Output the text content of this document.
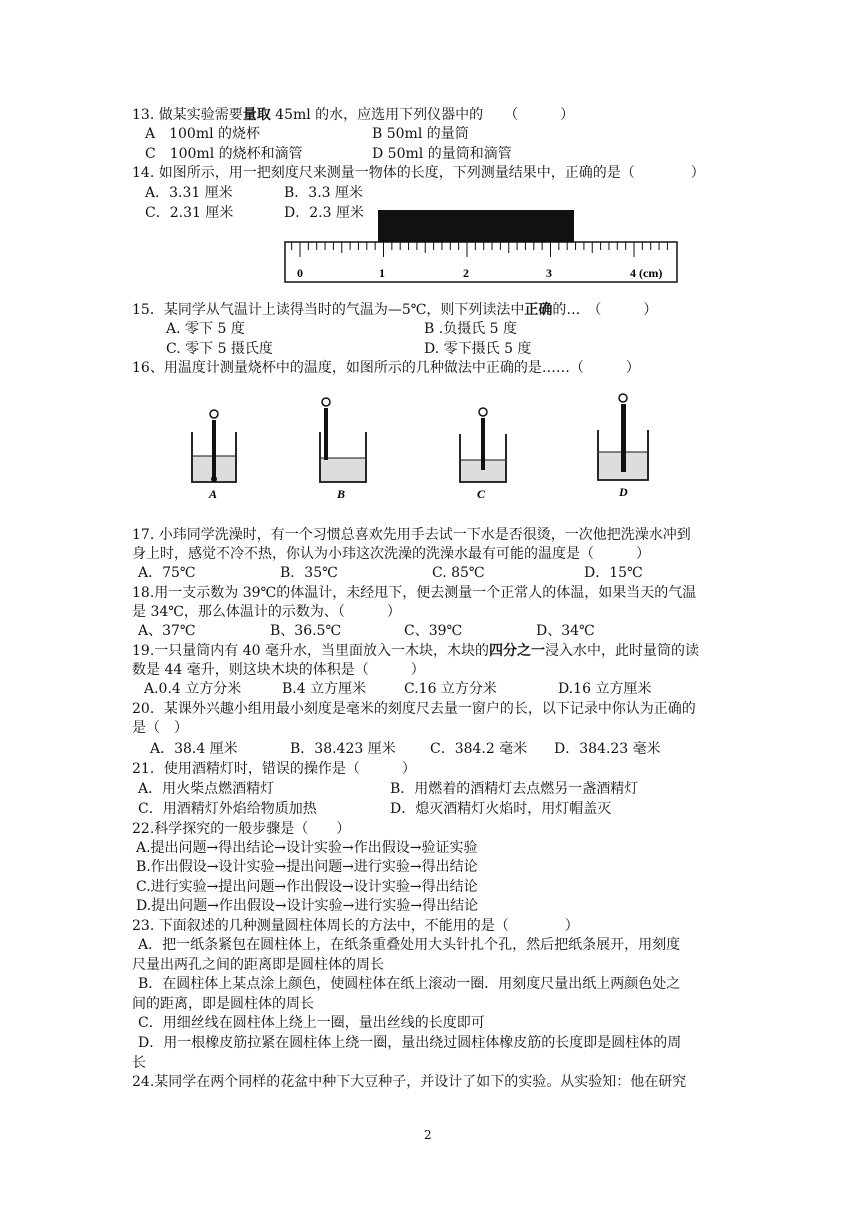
13. 做某实验需要量取 45ml 的水，应选用下列仪器中的　　（　　　）
A　100ml 的烧杯	B 50ml 的量筒
C　100ml 的烧杯和滴管	D 50ml 的量筒和滴管
14. 如图所示，用一把刻度尺来测量一物体的长度，下列测量结果中，正确的是（　　　　）
A．3.31 厘米	B．3.3 厘米
C．2.31 厘米	D．2.3 厘米
0	1	2	3	4 (cm)
15．某同学从气温计上读得当时的气温为—5℃，则下列读法中正确的…　（　　　）
A. 零下 5 度	B .负摄氏 5 度
C. 零下 5 摄氏度	D. 零下摄氏 5 度
16、用温度计测量烧杯中的温度，如图所示的几种做法中正确的是……（　　　）
A	B	C	D
17. 小玮同学洗澡时，有一个习惯总喜欢先用手去试一下水是否很烫，一次他把洗澡水冲到
身上时，感觉不冷不热，你认为小玮这次洗澡的洗澡水最有可能的温度是（　　　）
A．75℃	B．35℃	C. 85℃	D．15℃
18.用一支示数为 39℃的体温计，未经甩下，便去测量一个正常人的体温，如果当天的气温
是 34℃，那么体温计的示数为、（　　　）
A、37℃	B、36.5℃	C、39℃	D、34℃
19.一只量筒内有 40 毫升水，当里面放入一木块，木块的四分之一浸入水中，此时量筒的读
数是 44 毫升，则这块木块的体积是（　　　）
A.0.4 立方分米	B.4 立方厘米	C.16 立方分米	D.16 立方厘米
20．某课外兴趣小组用最小刻度是毫米的刻度尺去量一窗户的长，以下记录中你认为正确的
是（　）
A．38.4 厘米	B．38.423 厘米 C．384.2 毫米 D．384.23 毫米
21．使用酒精灯时，错误的操作是（　　　）
A．用火柴点燃酒精灯	B．用燃着的酒精灯去点燃另一盏酒精灯
C．用酒精灯外焰给物质加热	D．熄灭酒精灯火焰时，用灯帽盖灭
22.科学探究的一般步骤是（　　）
A.提出问题→得出结论→设计实验→作出假设→验证实验
B.作出假设→设计实验→提出问题→进行实验→得出结论
C.进行实验→提出问题→作出假设→设计实验→得出结论
D.提出问题→作出假设→设计实验→进行实验→得出结论
23. 下面叙述的几种测量圆柱体周长的方法中，不能用的是（　　　　）
A．把一纸条紧包在圆柱体上，在纸条重叠处用大头针扎个孔，然后把纸条展开，用刻度
尺量出两孔之间的距离即是圆柱体的周长
B．在圆柱体上某点涂上颜色，使圆柱体在纸上滚动一圈．用刻度尺量出纸上两颜色处之
间的距离，即是圆柱体的周长
C．用细丝线在圆柱体上绕上一圈，量出丝线的长度即可
D．用一根橡皮筋拉紧在圆柱体上绕一圈，量出绕过圆柱体橡皮筋的长度即是圆柱体的周
长
24.某同学在两个同样的花盆中种下大豆种子，并设计了如下的实验。从实验知：他在研究
2
